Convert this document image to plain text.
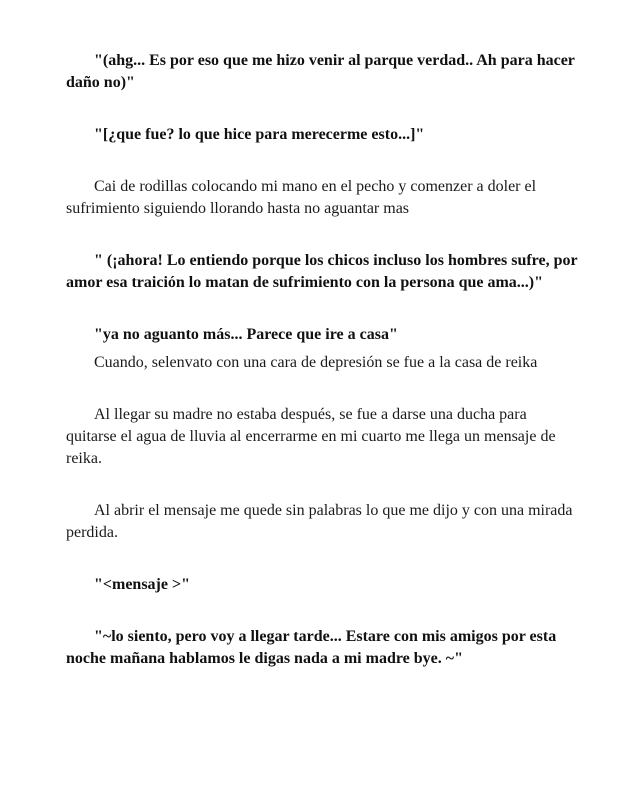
"(ahg... Es por eso que me hizo venir al parque verdad.. Ah para hacer daño no)"

"[¿que fue? lo que hice para merecerme esto...]"

Cai de rodillas colocando mi mano en el pecho y comenzer a doler el sufrimiento siguiendo llorando hasta no aguantar mas

" (¡ahora! Lo entiendo porque los chicos incluso los hombres sufre, por amor esa traición lo matan de sufrimiento con la persona que ama...)"

"ya no aguanto más... Parece que ire a casa"

Cuando, selenvato con una cara de depresión se fue a la casa de reika

Al llegar su madre no estaba después, se fue a darse una ducha para quitarse el agua de lluvia al encerrarme en mi cuarto me llega un mensaje de reika.

Al abrir el mensaje me quede sin palabras lo que me dijo y con una mirada perdida.

"<mensaje >"

"~lo siento, pero voy a llegar tarde... Estare con mis amigos por esta noche mañana hablamos le digas nada a mi madre bye. ~"
